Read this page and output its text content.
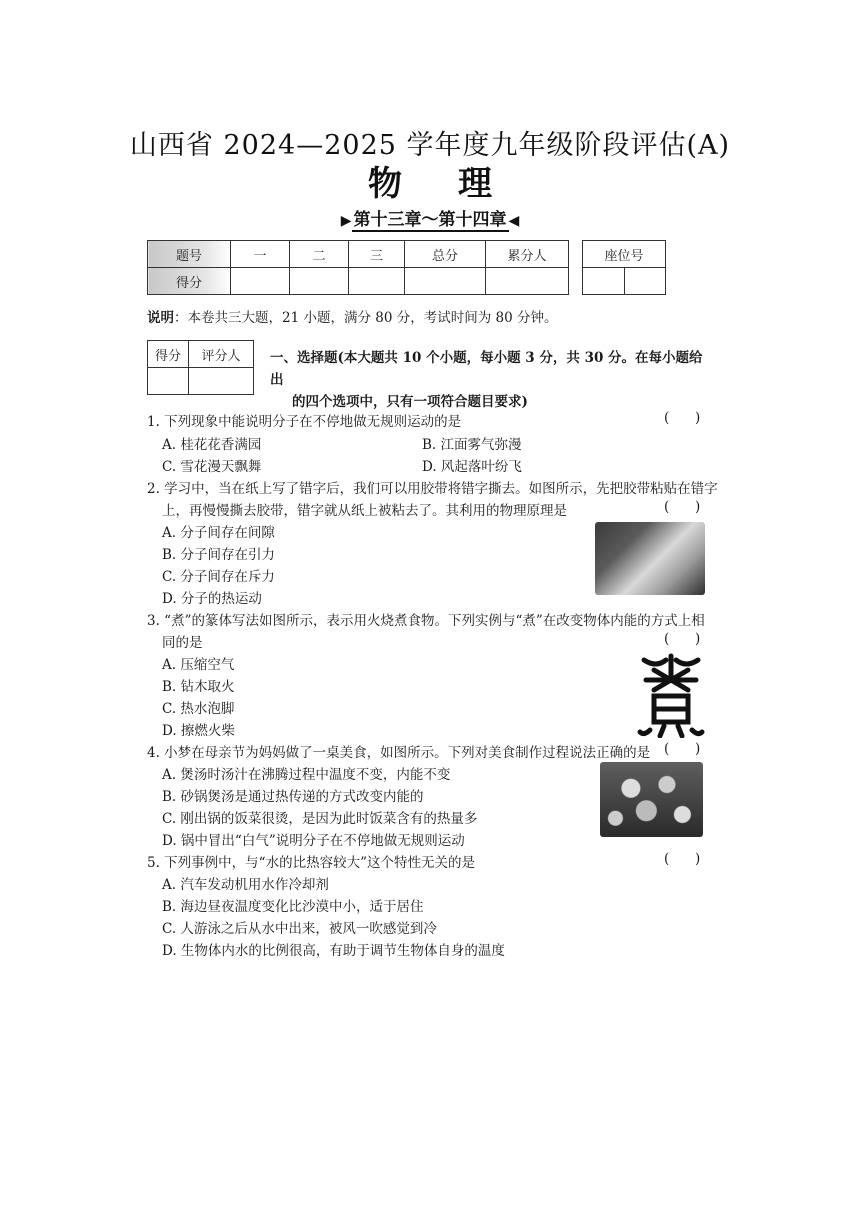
山西省 2024—2025 学年度九年级阶段评估(A)
物理
▶ 第十三章～第十四章 ◀
题号	一	二	三	总分	累分人
得分					
座位号

说明：本卷共三大题，21 小题，满分 80 分，考试时间为 80 分钟。
得分	评分人
	一、选择题(本大题共 10 个小题，每小题 3 分，共 30 分。在每小题给出
的四个选项中，只有一项符合题目要求)
1. 下列现象中能说明分子在不停地做无规则运动的是	(      )
A. 桂花花香满园	B. 江面雾气弥漫
C. 雪花漫天飘舞	D. 风起落叶纷飞
2. 学习中，当在纸上写了错字后，我们可以用胶带将错字撕去。如图所示，先把胶带粘贴在错字
上，再慢慢撕去胶带，错字就从纸上被粘去了。其利用的物理原理是	(      )
A. 分子间存在间隙
B. 分子间存在引力
C. 分子间存在斥力
D. 分子的热运动
3. “煮”的篆体写法如图所示，表示用火烧煮食物。下列实例与“煮”在改变物体内能的方式上相
同的是	(      )
A. 压缩空气
B. 钻木取火
C. 热水泡脚
D. 擦燃火柴
4. 小梦在母亲节为妈妈做了一桌美食，如图所示。下列对美食制作过程说法正确的是 (      )
A. 煲汤时汤汁在沸腾过程中温度不变，内能不变
B. 砂锅煲汤是通过热传递的方式改变内能的
C. 刚出锅的饭菜很烫，是因为此时饭菜含有的热量多
D. 锅中冒出“白气”说明分子在不停地做无规则运动
5. 下列事例中，与“水的比热容较大”这个特性无关的是	(      )
A. 汽车发动机用水作冷却剂
B. 海边昼夜温度变化比沙漠中小，适于居住
C. 人游泳之后从水中出来，被风一吹感觉到冷
D. 生物体内水的比例很高，有助于调节生物体自身的温度
